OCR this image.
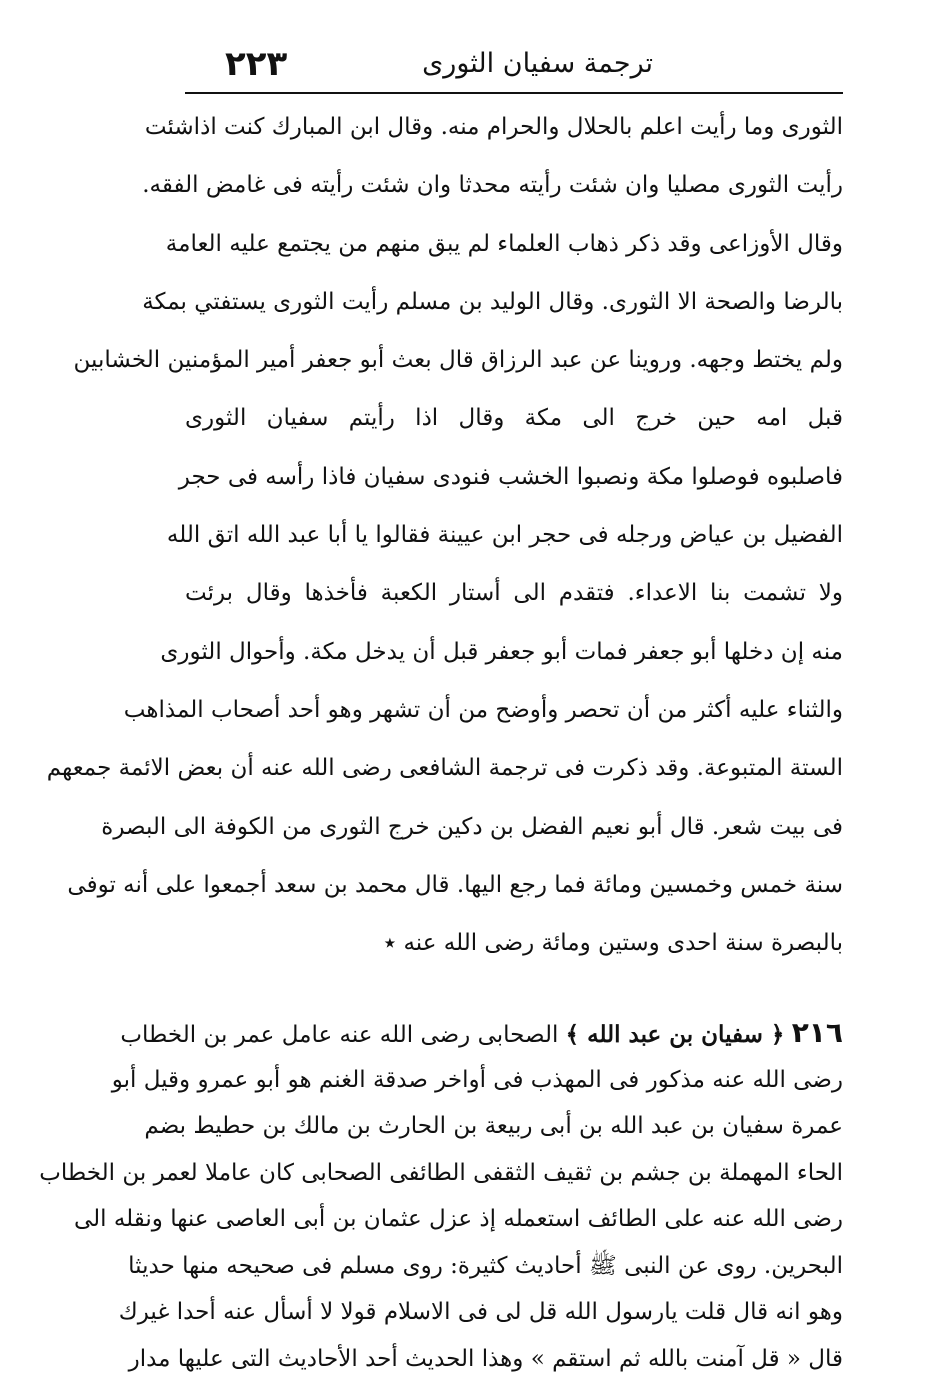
٢٢٣	ترجمة سفيان الثورى
الثورى وما رأيت اعلم بالحلال والحرام منه. وقال ابن المبارك كنت اذاشئت
رأيت الثورى مصليا وان شئت رأيته محدثا وان شئت رأيته فى غامض الفقه.
وقال الأوزاعى وقد ذكر ذهاب العلماء لم يبق منهم من يجتمع عليه العامة
بالرضا والصحة الا الثورى. وقال الوليد بن مسلم رأيت الثورى يستفتي بمكة
ولم يختط وجهه. وروينا عن عبد الرزاق قال بعث أبو جعفر أمير المؤمنين الخشابين
قبل امه حين خرج الى مكة وقال اذا رأيتم سفيان الثورى
فاصلبوه فوصلوا مكة ونصبوا الخشب فنودى سفيان فاذا رأسه فى حجر
الفضيل بن عياض ورجله فى حجر ابن عيينة فقالوا يا أبا عبد الله اتق الله
ولا تشمت بنا الاعداء. فتقدم الى أستار الكعبة فأخذها وقال برئت
منه إن دخلها أبو جعفر فمات أبو جعفر قبل أن يدخل مكة. وأحوال الثورى
والثناء عليه أكثر من أن تحصر وأوضح من أن تشهر وهو أحد أصحاب المذاهب
الستة المتبوعة. وقد ذكرت فى ترجمة الشافعى رضى الله عنه أن بعض الائمة جمعهم
فى بيت شعر. قال أبو نعيم الفضل بن دكين خرج الثورى من الكوفة الى البصرة
سنة خمس وخمسين ومائة فما رجع اليها. قال محمد بن سعد أجمعوا على أنه توفى
بالبصرة سنة احدى وستين ومائة رضى الله عنه ٭
٢١٦ ﴿ سفيان بن عبد الله ﴾ الصحابى رضى الله عنه عامل عمر بن الخطاب
رضى الله عنه مذكور فى المهذب فى أواخر صدقة الغنم هو أبو عمرو وقيل أبو
عمرة سفيان بن عبد الله بن أبى ربيعة بن الحارث بن مالك بن حطيط بضم
الحاء المهملة بن جشم بن ثقيف الثقفى الطائفى الصحابى كان عاملا لعمر بن الخطاب
رضى الله عنه على الطائف استعمله إذ عزل عثمان بن أبى العاصى عنها ونقله الى
البحرين. روى عن النبى ﷺ أحاديث كثيرة: روى مسلم فى صحيحه منها حديثا
وهو انه قال قلت يارسول الله قل لى فى الاسلام قولا لا أسأل عنه أحدا غيرك
قال « قل آمنت بالله ثم استقم » وهذا الحديث أحد الأحاديث التى عليها مدار
